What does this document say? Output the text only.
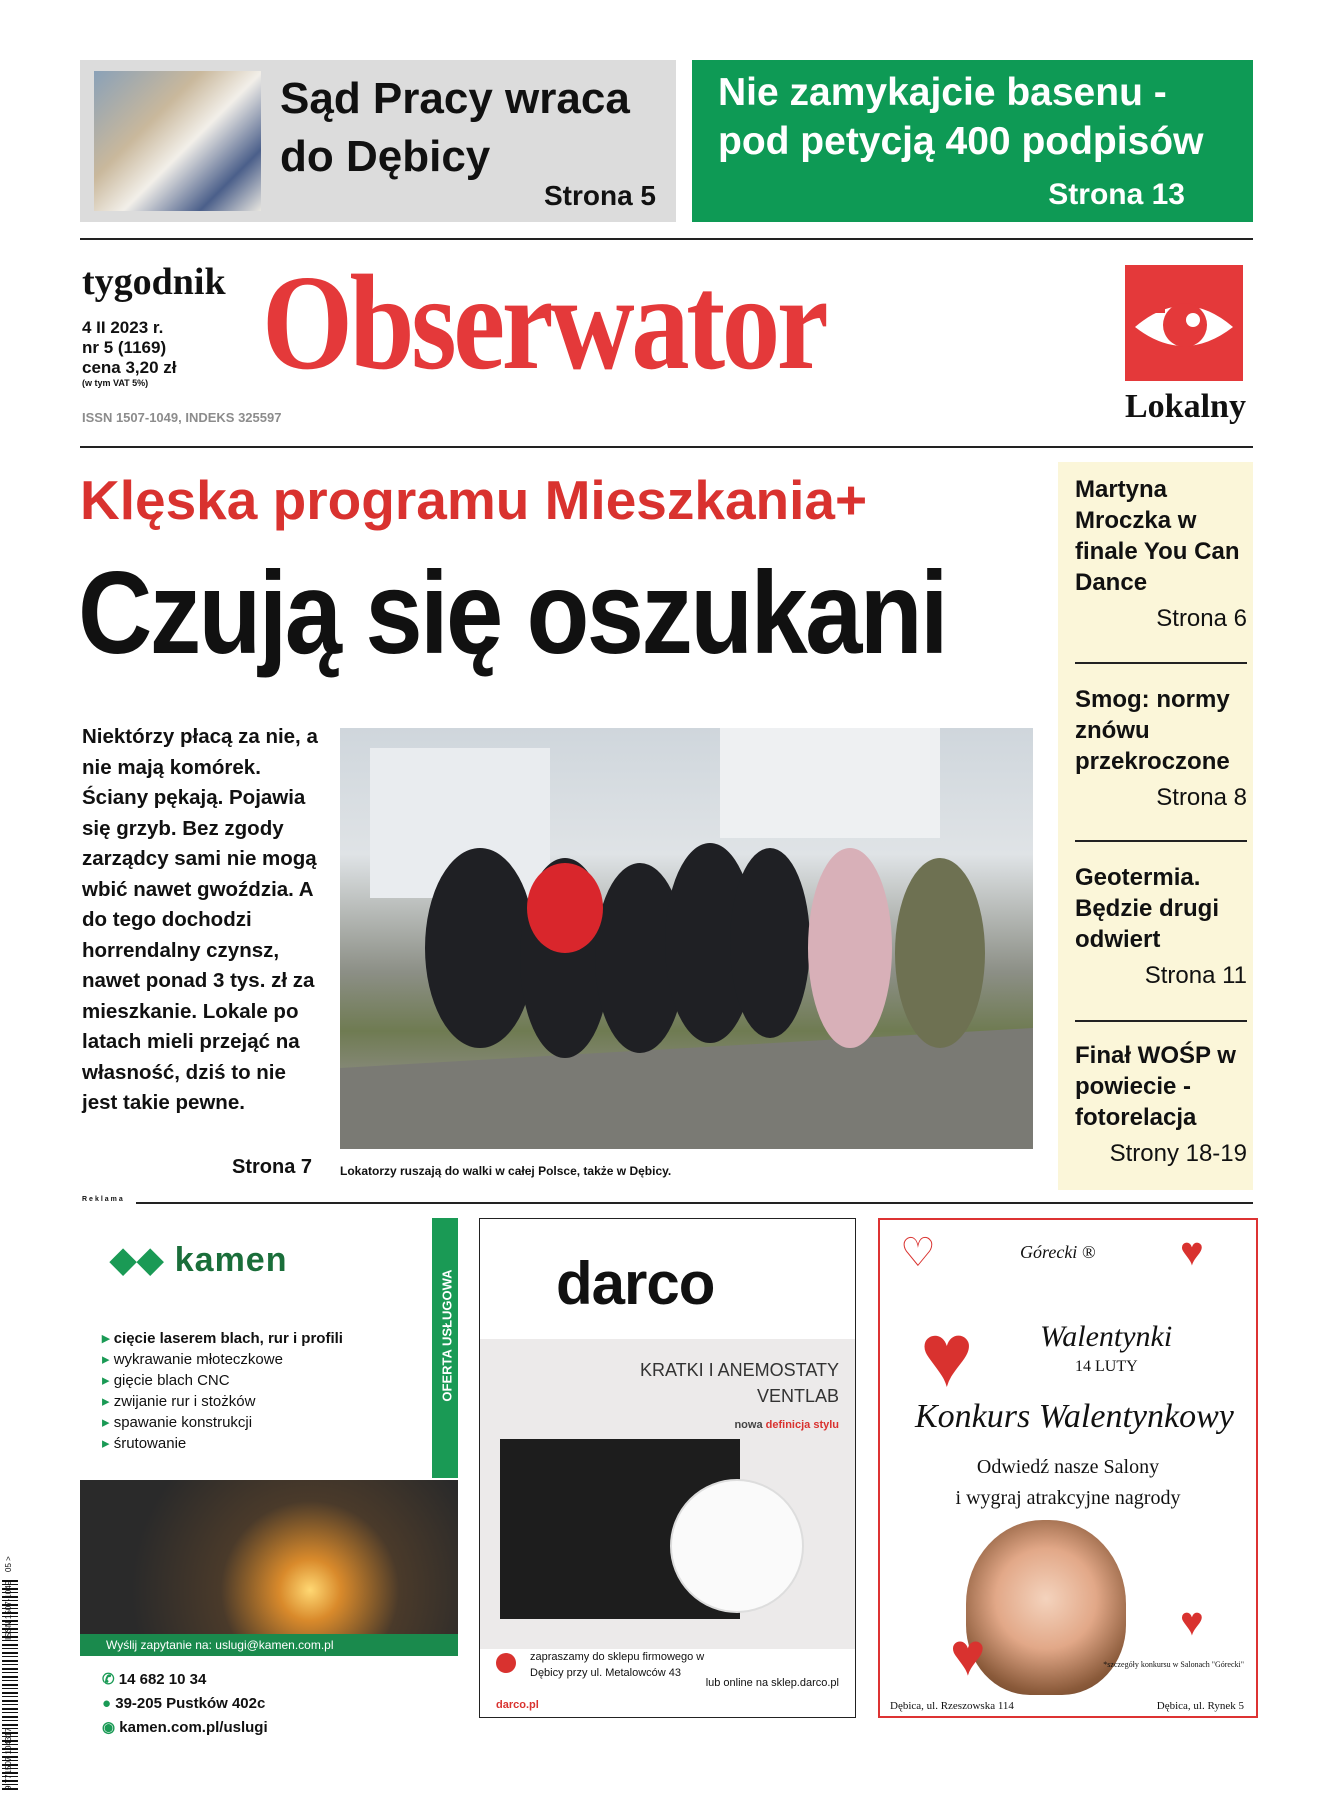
Sąd Pracy wraca do Dębicy
Strona 5
Nie zamykajcie basenu - pod petycją 400 podpisów
Strona 13
tygodnik
4 II 2023 r.
nr 5 (1169)
cena 3,20 zł
(w tym VAT 5%)
ISSN 1507-1049, INDEKS 325597
Obserwator
Lokalny
Klęska programu Mieszkania+
Czują się oszukani
Niektórzy płacą za nie, a nie mają komórek. Ściany pękają. Pojawia się grzyb. Bez zgody zarządcy sami nie mogą wbić nawet gwoździa. A do tego dochodzi horrendalny czynsz, nawet ponad 3 tys. zł za mieszkanie. Lokale po latach mieli przejąć na własność, dziś to nie jest takie pewne.
Strona 7 Lokatorzy ruszają do walki w całej Polsce, także w Dębicy.
Martyna Mroczka w finale You Can Dance
Strona 6
Smog: normy znówu przekroczone
Strona 8
Geotermia. Będzie drugi odwiert
Strona 11
Finał WOŚP w powiecie - fotorelacja
Strony 18-19
Reklama
◆◆ kamen
OFERTA USŁUGOWA
▸ cięcie laserem blach, rur i profili
▸ wykrawanie młoteczkowe
▸ gięcie blach CNC
▸ zwijanie rur i stożków
▸ spawanie konstrukcji
▸ śrutowanie
Wyślij zapytanie na: uslugi@kamen.com.pl
✆ 14 682 10 34
● 39-205 Pustków 402c
◉ kamen.com.pl/uslugi
darco
KRATKI I ANEMOSTATY
VENTLAB
nowa definicja stylu
zapraszamy do sklepu firmowego w Dębicy przy ul. Metalowców 43
lub online na sklep.darco.pl
darco.pl
Górecki ®
♥
♥
♡
♥
Walentynki
14 LUTY
Konkurs Walentynkowy
Odwiedź nasze Salony
i wygraj atrakcyjne nagrody
♥	*szczegóły konkursu w Salonach "Górecki"
Dębica, ul. Rzeszowska 114	Dębica, ul. Rynek 5
9 771507 104317
ISSN 1507-1049
05 >
